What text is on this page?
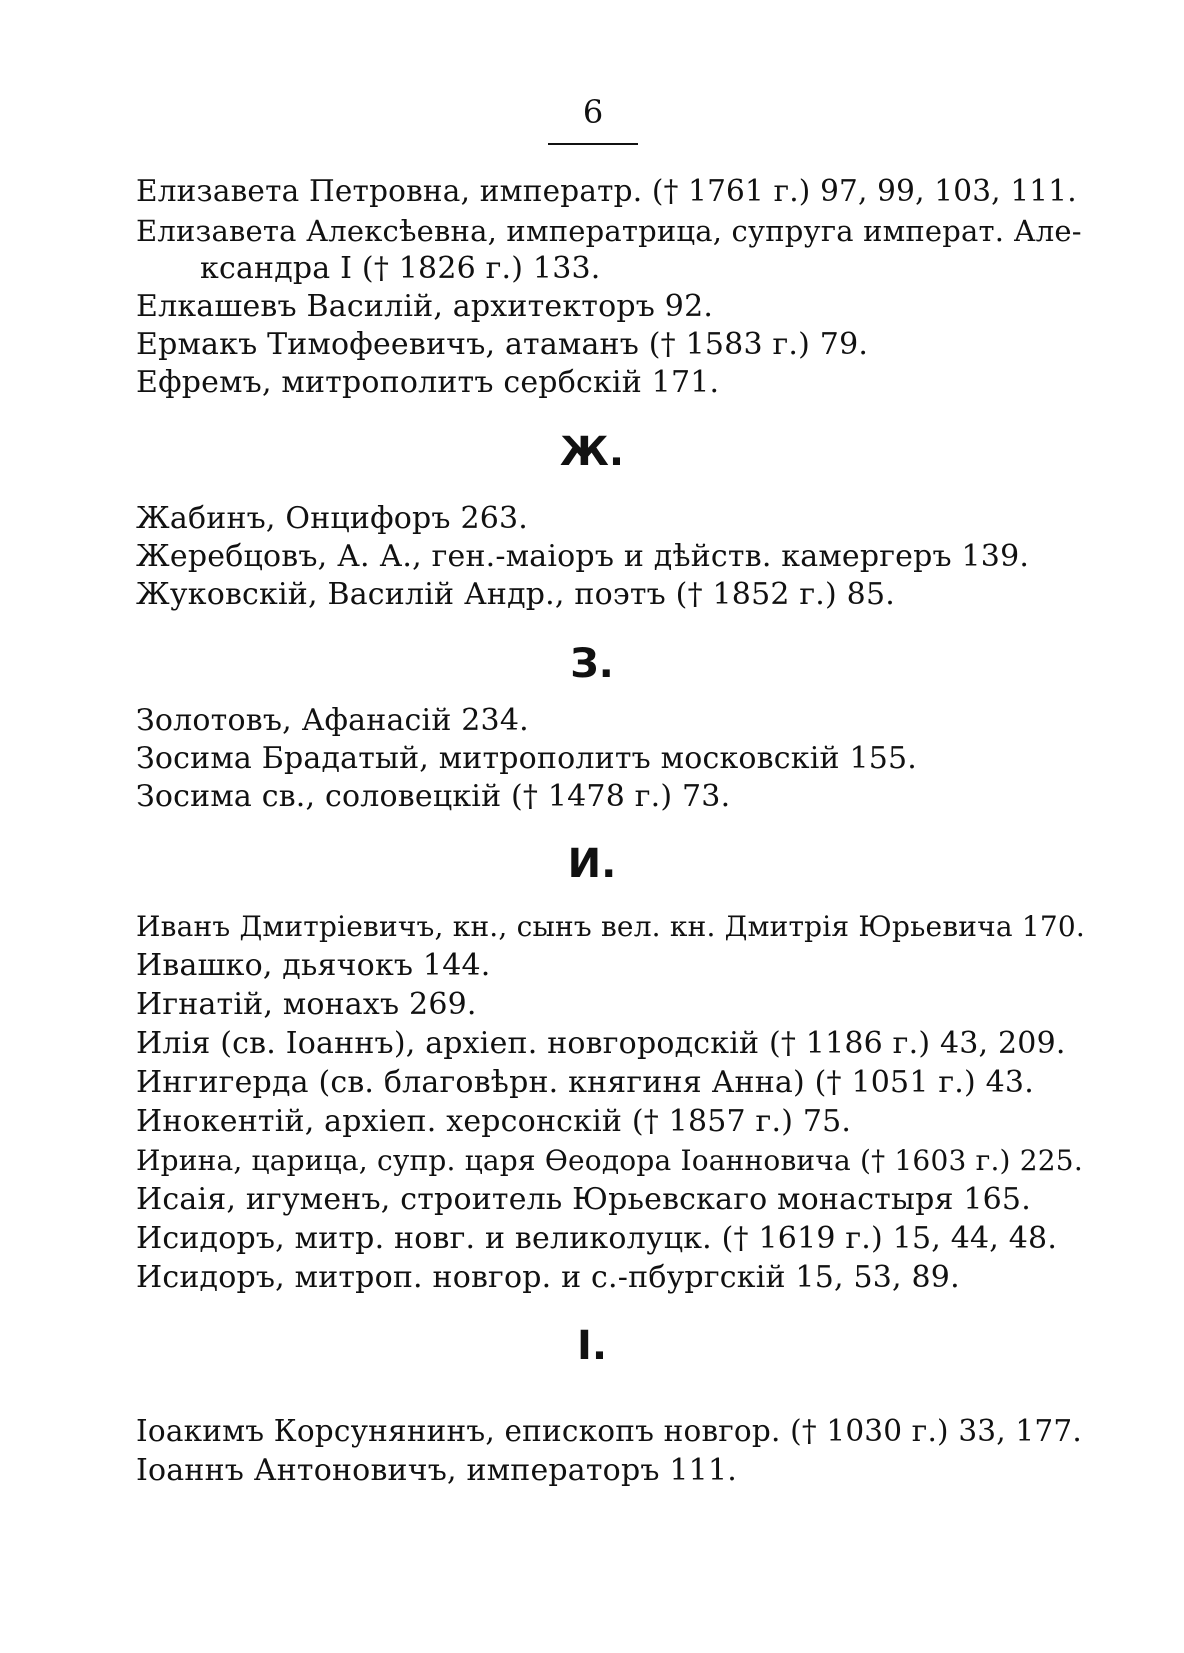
6
Елизавета Петровна, императр. († 1761 г.) 97, 99, 103, 111.
Елизавета Алексѣевна, императрица, супруга императ. Але-
ксандра I († 1826 г.) 133.
Елкашевъ Василій, архитекторъ 92.
Ермакъ Тимофеевичъ, атаманъ († 1583 г.) 79.
Ефремъ, митрополитъ сербскій 171.
Ж.
Жабинъ, Онцифоръ 263.
Жеребцовъ, А. А., ген.-маіоръ и дѣйств. камергеръ 139.
Жуковскій, Василій Андр., поэтъ († 1852 г.) 85.
З.
Золотовъ, Афанасій 234.
Зосима Брадатый, митрополитъ московскій 155.
Зосима св., соловецкій († 1478 г.) 73.
И.
Иванъ Дмитріевичъ, кн., сынъ вел. кн. Дмитрія Юрьевича 170.
Ивашко, дьячокъ 144.
Игнатій, монахъ 269.
Илія (св. Іоаннъ), архіеп. новгородскій († 1186 г.) 43, 209.
Ингигерда (св. благовѣрн. княгиня Анна) († 1051 г.) 43.
Инокентій, архіеп. херсонскій († 1857 г.) 75.
Ирина, царица, супр. царя Ѳеодора Іоанновича († 1603 г.) 225.
Исаія, игуменъ, строитель Юрьевскаго монастыря 165.
Исидоръ, митр. новг. и великолуцк. († 1619 г.) 15, 44, 48.
Исидоръ, митроп. новгор. и с.-пбургскій 15, 53, 89.
I.
Іоакимъ Корсунянинъ, епископъ новгор. († 1030 г.) 33, 177.
Іоаннъ Антоновичъ, императоръ 111.
